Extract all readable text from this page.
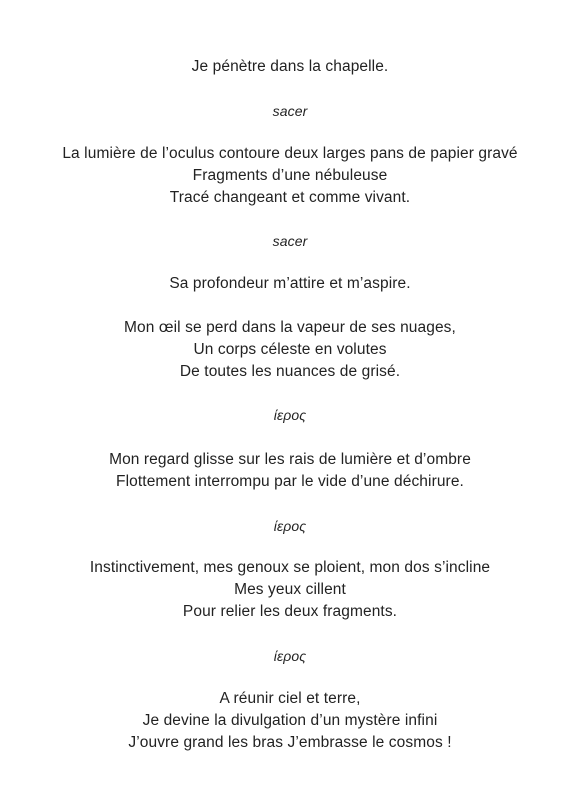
Je pénètre dans la chapelle.

sacer

La lumière de l’oculus contoure deux larges pans de papier gravé

Fragments d’une nébuleuse

Tracé changeant et comme vivant.

sacer

Sa profondeur m’attire et m’aspire.

Mon œil se perd dans la vapeur de ses nuages,

Un corps céleste en volutes

De toutes les nuances de grisé.

ίερος

Mon regard glisse sur les rais de lumière et d’ombre

Flottement interrompu par le vide d’une déchirure.

ίερος

Instinctivement, mes genoux se ploient, mon dos s’incline

Mes yeux cillent

Pour relier les deux fragments.

ίερος

A réunir ciel et terre,

Je devine la divulgation d’un mystère infini

J’ouvre grand les bras J’embrasse le cosmos !
